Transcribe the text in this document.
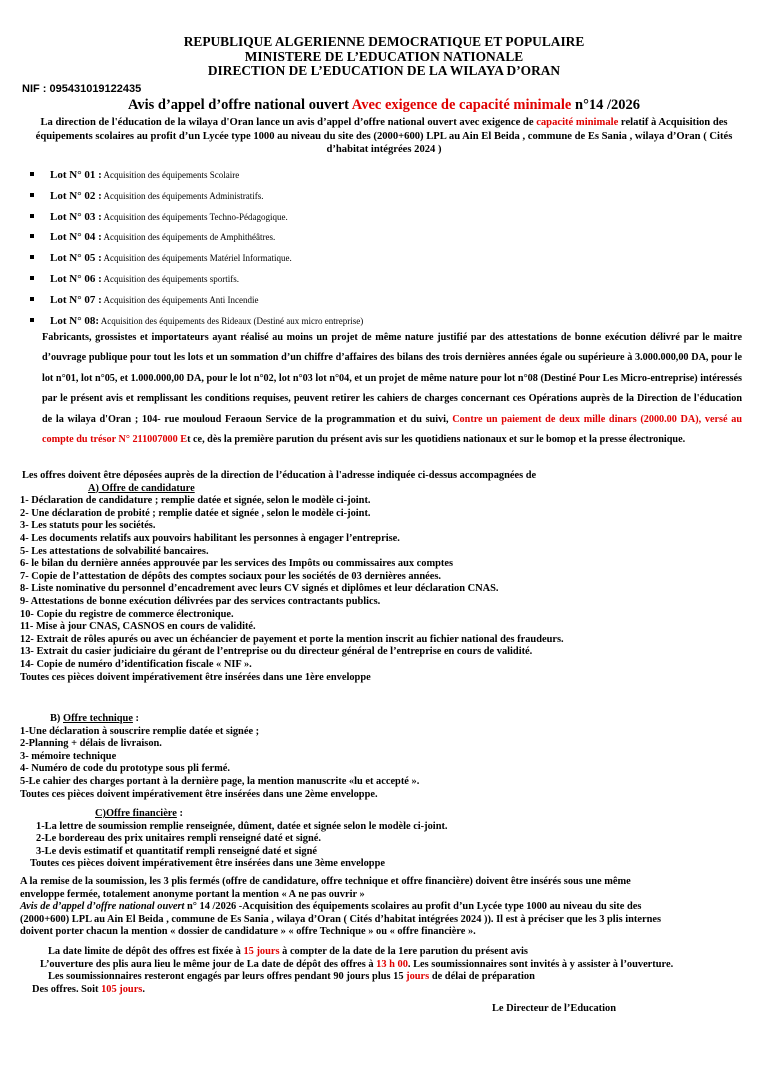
REPUBLIQUE ALGERIENNE DEMOCRATIQUE ET POPULAIRE
MINISTERE DE L’EDUCATION NATIONALE
DIRECTION DE L’EDUCATION DE LA WILAYA D’ORAN
NIF : 095431019122435
Avis d’appel d’offre national ouvert Avec exigence de capacité minimale n°14 /2026
La direction de l'éducation de la wilaya d'Oran lance un avis d’appel d’offre national ouvert avec exigence de capacité minimale relatif à Acquisition des équipements scolaires au profit d’un Lycée type 1000 au niveau du site des (2000+600) LPL au Ain El Beida , commune de Es Sania , wilaya d’Oran ( Cités d’habitat intégrées 2024 )
Lot N° 01 : Acquisition des équipements Scolaire
Lot N° 02 : Acquisition des équipements Administratifs.
Lot N° 03 : Acquisition des équipements Techno-Pédagogique.
Lot N° 04 : Acquisition des équipements de Amphithéâtres.
Lot N° 05 : Acquisition des équipements Matériel Informatique.
Lot N° 06 : Acquisition des équipements sportifs.
Lot N° 07 : Acquisition des équipements Anti Incendie
Lot N° 08: Acquisition des équipements des Rideaux (Destiné aux micro entreprise)
Fabricants, grossistes et importateurs ayant réalisé au moins un projet de même nature justifié par des attestations de bonne exécution délivré par le maitre d’ouvrage publique pour tout les lots et un sommation d’un chiffre d’affaires des bilans des trois dernières années égale ou supérieure à 3.000.000,00 DA, pour le lot n°01, lot n°05, et 1.000.000,00 DA, pour le lot n°02, lot n°03 lot n°04, et un projet de même nature pour lot n°08 (Destiné Pour Les Micro-entreprise) intéressés par le présent avis et remplissant les conditions requises, peuvent retirer les cahiers de charges concernant ces Opérations auprès de la Direction de l'éducation de la wilaya d'Oran ; 104- rue mouloud Feraoun Service de la programmation et du suivi, Contre un paiement de deux mille dinars (2000.00 DA), versé au compte du trésor N° 211007000 Et ce, dès la première parution du présent avis sur les quotidiens nationaux et sur le bomop et la presse électronique.
Les offres doivent être déposées auprès de la direction de l’éducation à l'adresse indiquée ci-dessus accompagnées de
A) Offre de candidature
1- Déclaration de candidature ; remplie datée et signée, selon le modèle ci-joint.
2- Une déclaration de probité ; remplie datée et signée , selon le modèle ci-joint.
3- Les statuts pour les sociétés.
4- Les documents relatifs aux pouvoirs habilitant les personnes à engager l’entreprise.
5- Les attestations de solvabilité bancaires.
6- le bilan du dernière années approuvée par les services des Impôts ou commissaires aux comptes
7- Copie de l’attestation de dépôts des comptes sociaux pour les sociétés de 03 dernières années.
8- Liste nominative du personnel d’encadrement avec leurs CV signés et diplômes et leur déclaration CNAS.
9- Attestations de bonne exécution délivrées par des services contractants publics.
10- Copie du registre de commerce électronique.
11- Mise à jour CNAS, CASNOS en cours de validité.
12- Extrait de rôles apurés ou avec un échéancier de payement et porte la mention inscrit au fichier national des fraudeurs.
13- Extrait du casier judiciaire du gérant de l’entreprise ou du directeur général de l’entreprise en cours de validité.
14- Copie de numéro d’identification fiscale « NIF ».
Toutes ces pièces doivent impérativement être insérées dans une 1ère enveloppe
B) Offre technique :
1-Une déclaration à souscrire remplie datée et signée ;
2-Planning + délais de livraison.
3- mémoire technique
4- Numéro de code du prototype sous pli fermé.
5-Le cahier des charges portant à la dernière page, la mention manuscrite «lu et accepté ».
Toutes ces pièces doivent impérativement être insérées dans une 2ème enveloppe.
C)Offre financière :
1-La lettre de soumission remplie renseignée, dûment, datée et signée selon le modèle ci-joint.
2-Le bordereau des prix unitaires rempli renseigné daté et signé.
3-Le devis estimatif et quantitatif rempli renseigné daté et signé
Toutes ces pièces doivent impérativement être insérées dans une 3ème enveloppe
A la remise de la soumission, les 3 plis fermés (offre de candidature, offre technique et offre financière) doivent être insérés sous une même
enveloppe fermée, totalement anonyme portant la mention « A ne pas ouvrir »
Avis de d’appel d’offre national ouvert n° 14 /2026 -Acquisition des équipements scolaires au profit d’un Lycée type 1000 au niveau du site des
(2000+600) LPL au Ain El Beida , commune de Es Sania , wilaya d’Oran ( Cités d’habitat intégrées 2024 )). Il est à préciser que les 3 plis internes
doivent porter chacun la mention « dossier de candidature » « offre Technique » ou « offre financière ».
La date limite de dépôt des offres est fixée à 15 jours à compter de la date de la 1ere parution du présent avis
L’ouverture des plis aura lieu le même jour de La date de dépôt des offres à 13 h 00. Les soumissionnaires sont invités à y assister à l’ouverture.
Les soumissionnaires resteront engagés par leurs offres pendant 90 jours plus 15 jours de délai de préparation
Des offres. Soit 105 jours.
Le Directeur de l’Education
